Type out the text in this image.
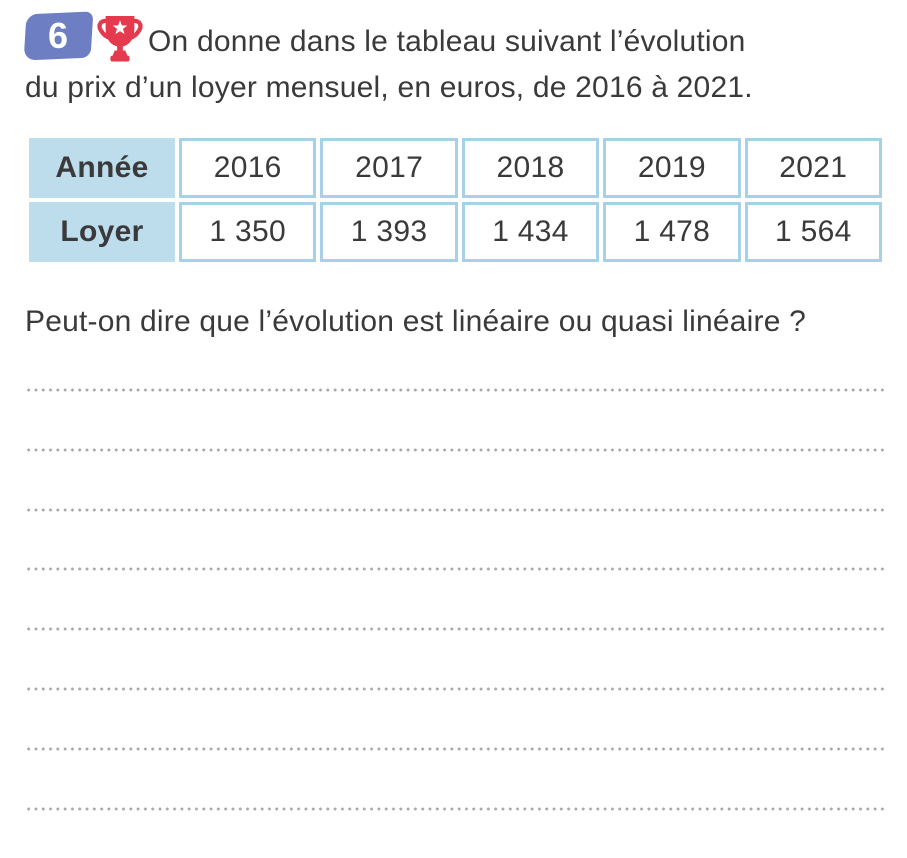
6	On donne dans le tableau suivant l’évolution
du prix d’un loyer mensuel, en euros, de 2016 à 2021.
Année	2016	2017	2018	2019	2021
Loyer	1 350	1 393	1 434	1 478	1 564

Peut-on dire que l’évolution est linéaire ou quasi linéaire ?
